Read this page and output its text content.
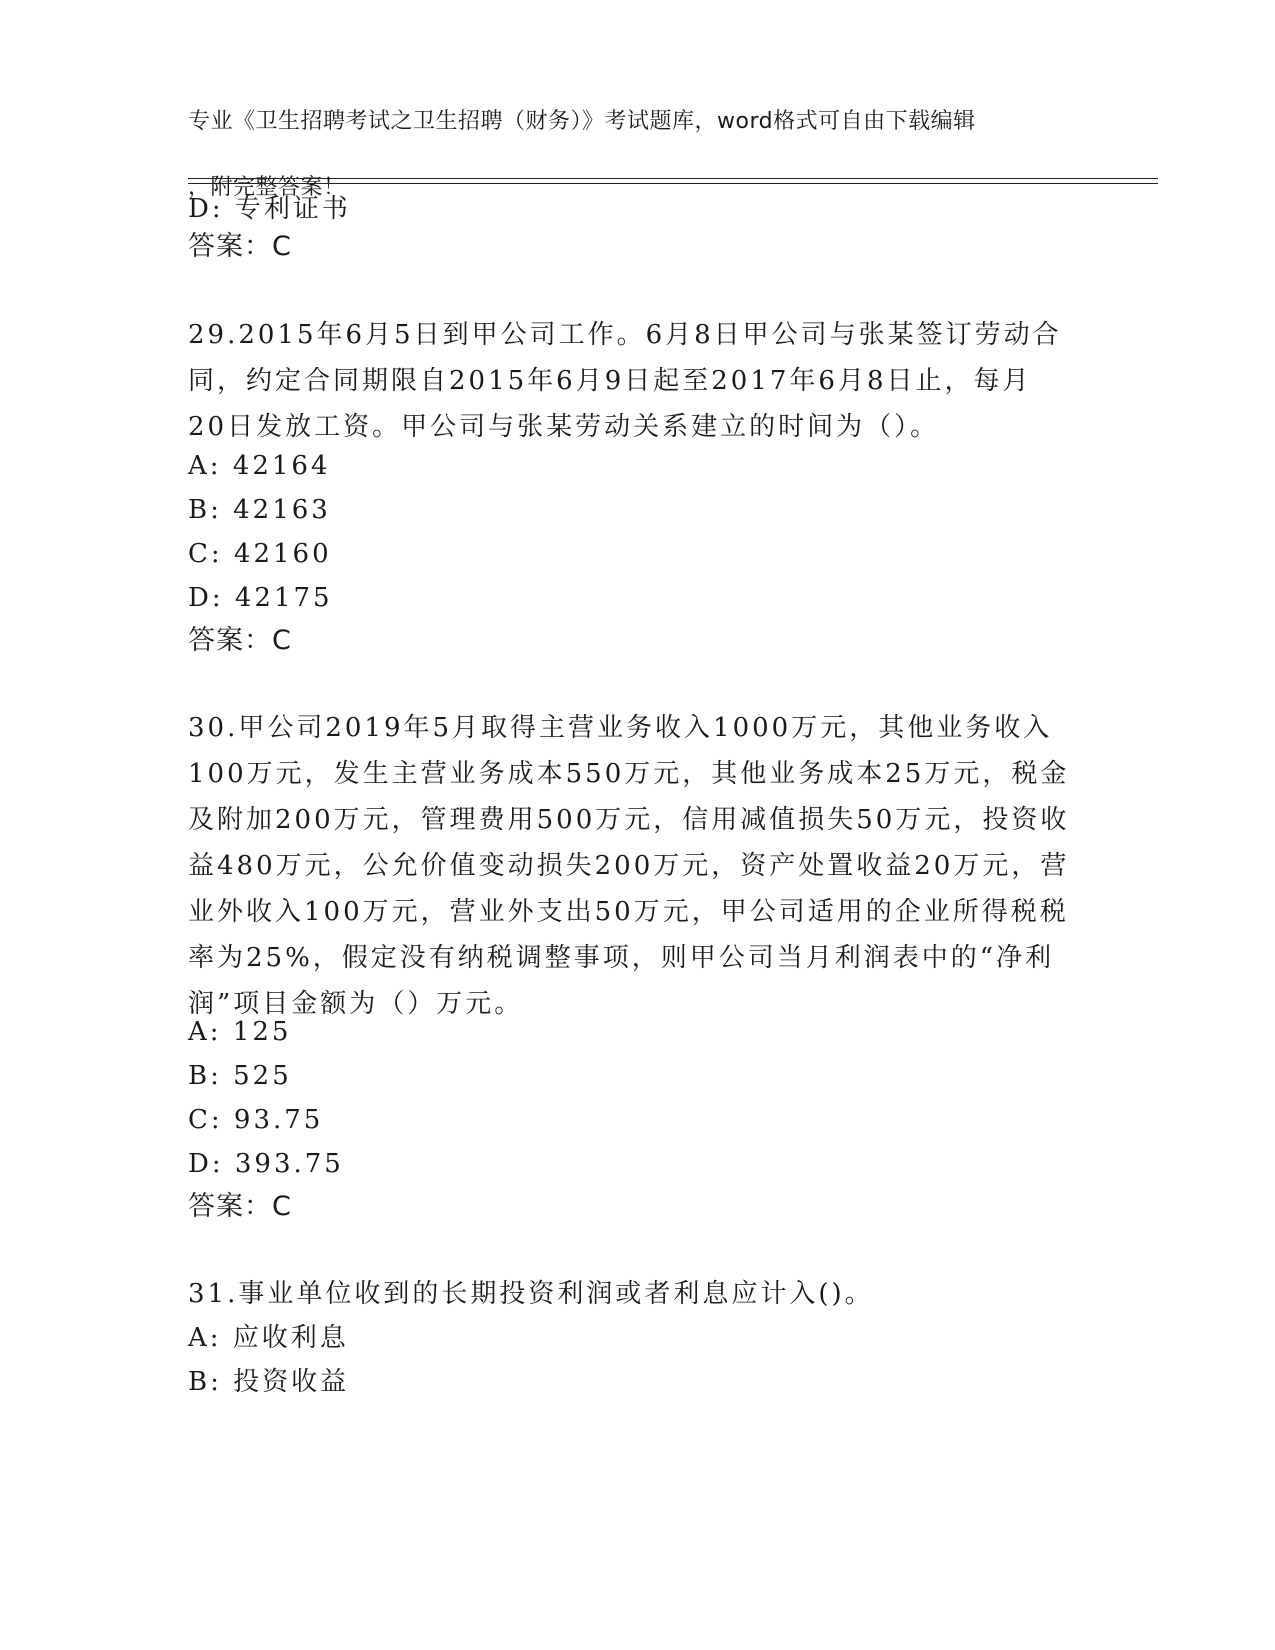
专业《卫生招聘考试之卫生招聘（财务）》考试题库，word格式可自由下载编辑

，附完整答案！

D: 专利证书
答案：C
29.2015年6月5日到甲公司工作。6月8日甲公司与张某签订劳动合
同，约定合同期限自2015年6月9日起至2017年6月8日止，每月
20日发放工资。甲公司与张某劳动关系建立的时间为（）。
A: 42164
B: 42163
C: 42160
D: 42175
答案：C
30.甲公司2019年5月取得主营业务收入1000万元，其他业务收入
100万元，发生主营业务成本550万元，其他业务成本25万元，税金
及附加200万元，管理费用500万元，信用减值损失50万元，投资收
益480万元，公允价值变动损失200万元，资产处置收益20万元，营
业外收入100万元，营业外支出50万元，甲公司适用的企业所得税税
率为25%，假定没有纳税调整事项，则甲公司当月利润表中的“净利
润”项目金额为（）万元。
A: 125
B: 525
C: 93.75
D: 393.75
答案：C
31.事业单位收到的长期投资利润或者利息应计入()。
A: 应收利息
B: 投资收益
